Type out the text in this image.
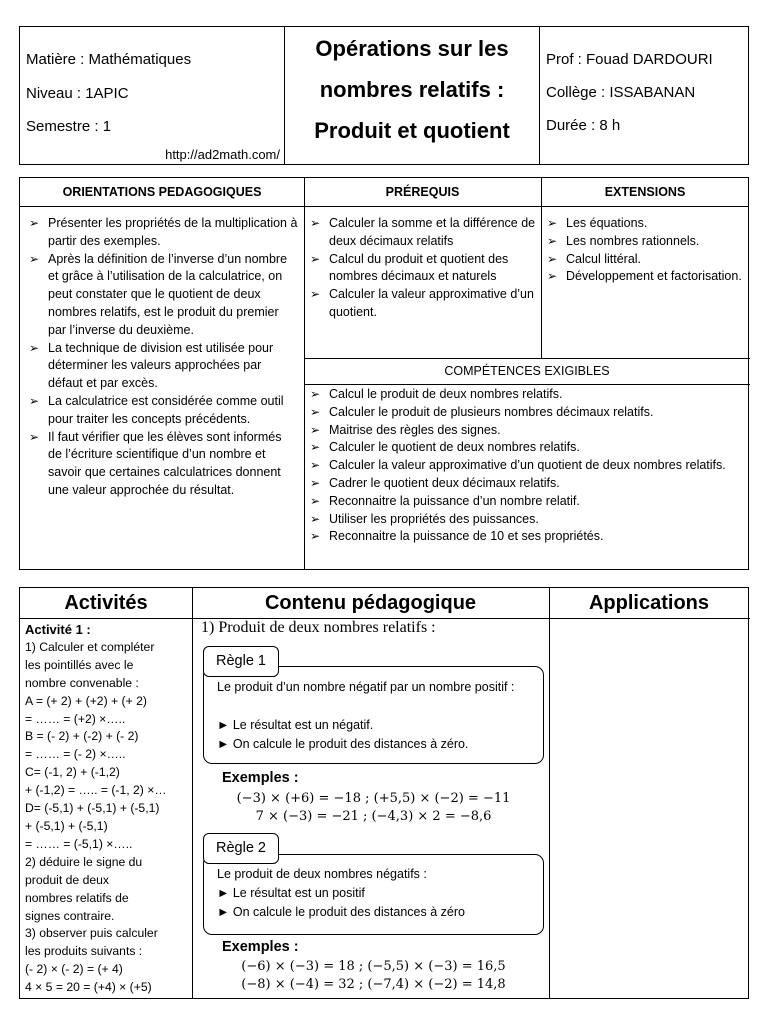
Matière : Mathématiques
Niveau : 1APIC
Semestre : 1
http://ad2math.com/
Opérations sur les
nombres relatifs :
Produit et quotient
Prof : Fouad DARDOURI
Collège : ISSABANAN
Durée : 8 h
ORIENTATIONS PEDAGOGIQUES	PRÉREQUIS	EXTENSIONS
➢ Présenter les propriétés de la multiplication à partir des exemples.
➢ Après la définition de l’inverse d’un nombre et grâce à l’utilisation de la calculatrice, on peut constater que le quotient de deux nombres relatifs, est le produit du premier par l’inverse du deuxième.
➢ La technique de division est utilisée pour déterminer les valeurs approchées par défaut et par excès.
➢ La calculatrice est considérée comme outil pour traiter les concepts précédents.
➢ Il faut vérifier que les élèves sont informés de l’écriture scientifique d’un nombre et savoir que certaines calculatrices donnent une valeur approchée du résultat.
➢ Calculer la somme et la différence de deux décimaux relatifs
➢ Calcul du produit et quotient des nombres décimaux et naturels
➢ Calculer la valeur approximative d’un quotient.
➢ Les équations.
➢ Les nombres rationnels.
➢ Calcul littéral.
➢ Développement et factorisation.
COMPÉTENCES EXIGIBLES
➢ Calcul le produit de deux nombres relatifs.
➢ Calculer le produit de plusieurs nombres décimaux relatifs.
➢ Maitrise des règles des signes.
➢ Calculer le quotient de deux nombres relatifs.
➢ Calculer la valeur approximative d’un quotient de deux nombres relatifs.
➢ Cadrer le quotient deux décimaux relatifs.
➢ Reconnaitre la puissance d’un nombre relatif.
➢ Utiliser les propriétés des puissances.
➢ Reconnaitre la puissance de 10 et ses propriétés.
Activités	Contenu pédagogique	Applications
Activité 1 :
1) Calculer et compléter
les pointillés avec le
nombre convenable :
A = (+ 2) + (+2) + (+ 2)
= …… = (+2) ×…..
B = (- 2) + (-2) + (- 2)
= …… = (- 2) ×…..
C= (-1, 2) + (-1,2)
+ (-1,2) = ….. = (-1, 2) ×…
D= (-5,1) + (-5,1) + (-5,1)
+ (-5,1) + (-5,1)
= …… = (-5,1) ×…..
2) déduire le signe du
produit de deux
nombres relatifs de
signes contraire.
3) observer puis calculer
les produits suivants :
(- 2) × (- 2) = (+ 4)
4 × 5 = 20 = (+4) × (+5)
1) Produit de deux nombres relatifs :
Règle 1
Le produit d’un nombre négatif par un nombre positif :
► Le résultat est un négatif.
► On calcule le produit des distances à zéro.
Exemples :
(−3) × (+6) = −18 ; (+5,5) × (−2) = −11
7 × (−3) = −21 ; (−4,3) × 2 = −8,6
Règle 2
Le produit de deux nombres négatifs :
► Le résultat est un positif
► On calcule le produit des distances à zéro
Exemples :
(−6) × (−3) = 18 ; (−5,5) × (−3) = 16,5
(−8) × (−4) = 32 ; (−7,4) × (−2) = 14,8
